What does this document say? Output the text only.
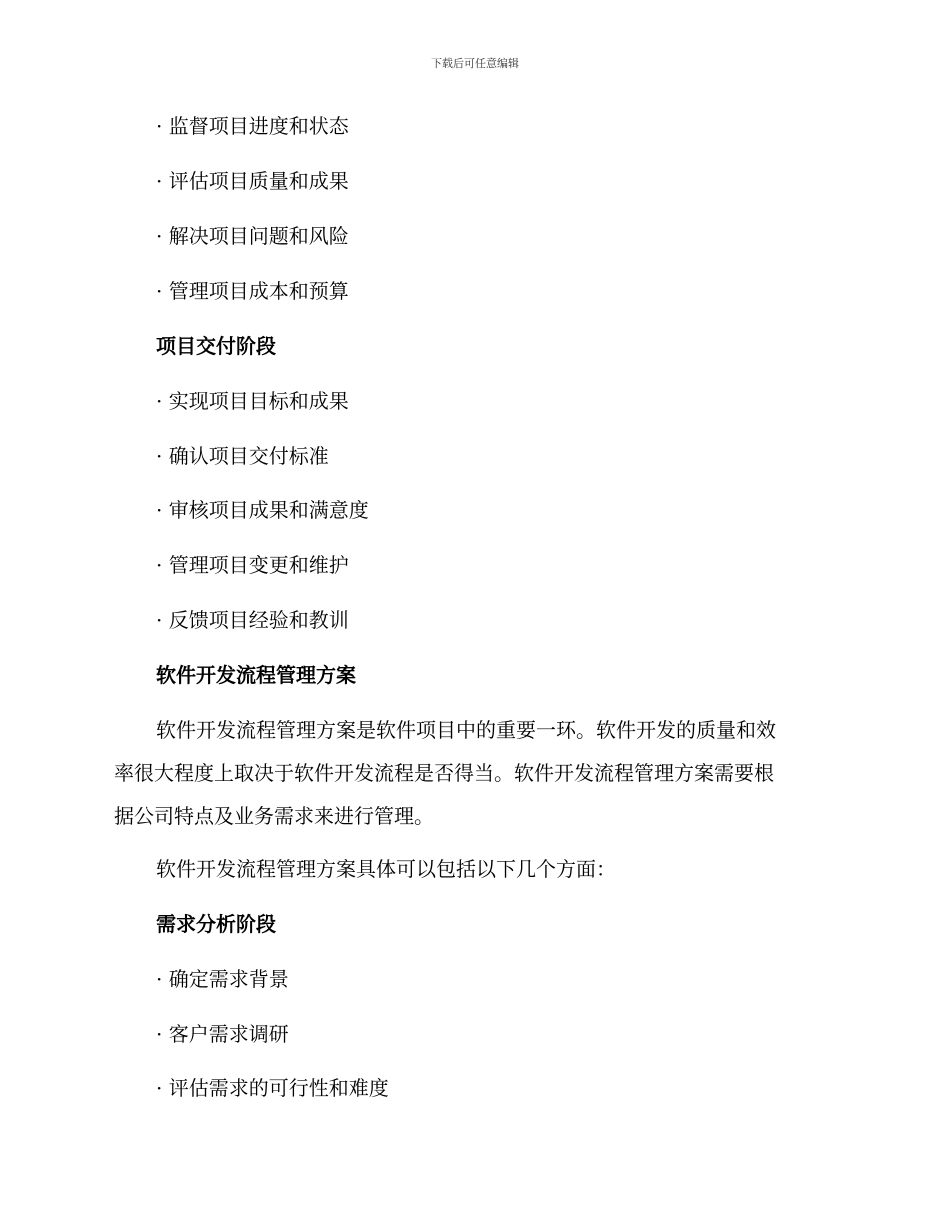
下载后可任意编辑
· 监督项目进度和状态
· 评估项目质量和成果
· 解决项目问题和风险
· 管理项目成本和预算
项目交付阶段
· 实现项目目标和成果
· 确认项目交付标准
· 审核项目成果和满意度
· 管理项目变更和维护
· 反馈项目经验和教训
软件开发流程管理方案
软件开发流程管理方案是软件项目中的重要一环。软件开发的质量和效
率很大程度上取决于软件开发流程是否得当。软件开发流程管理方案需要根
据公司特点及业务需求来进行管理。
软件开发流程管理方案具体可以包括以下几个方面：
需求分析阶段
· 确定需求背景
· 客户需求调研
· 评估需求的可行性和难度
